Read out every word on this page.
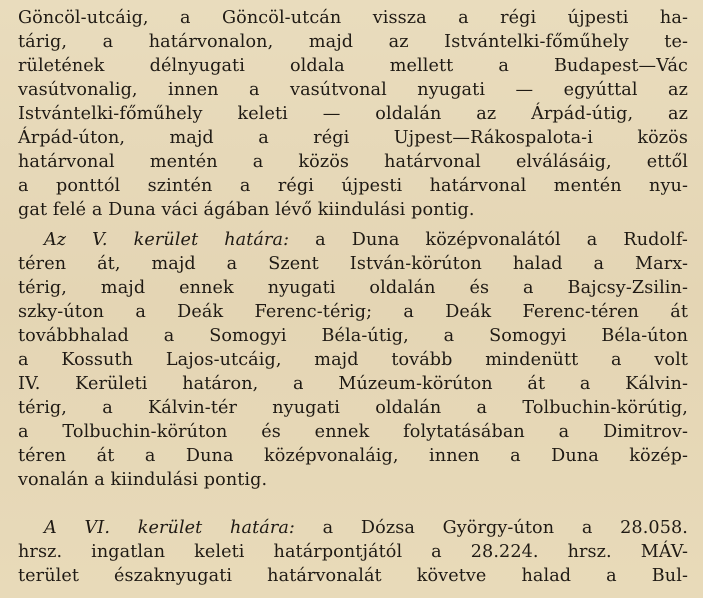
Göncöl-utcáig, a Göncöl-utcán vissza a régi újpesti ha-
tárig, a határvonalon, majd az Istvántelki-főműhely te-
rületének délnyugati oldala mellett a Budapest—Vác
vasútvonalig, innen a vasútvonal nyugati — egyúttal az
Istvántelki-főműhely keleti — oldalán az Árpád-útig, az
Árpád-úton, majd a régi Ujpest—Rákospalota-i közös
határvonal mentén a közös határvonal elválásáig, ettől
a ponttól szintén a régi újpesti határvonal mentén nyu-
gat felé a Duna váci ágában lévő kiindulási pontig.
Az V. kerület határa: a Duna középvonalától a Rudolf-
téren át, majd a Szent István-körúton halad a Marx-
térig, majd ennek nyugati oldalán és a Bajcsy-Zsilin-
szky-úton a Deák Ferenc-térig; a Deák Ferenc-téren át
továbbhalad a Somogyi Béla-útig, a Somogyi Béla-úton
a Kossuth Lajos-utcáig, majd tovább mindenütt a volt
IV. Kerületi határon, a Múzeum-körúton át a Kálvin-
térig, a Kálvin-tér nyugati oldalán a Tolbuchin-körútig,
a Tolbuchin-körúton és ennek folytatásában a Dimitrov-
téren át a Duna középvonaláig, innen a Duna közép-
vonalán a kiindulási pontig.
A VI. kerület határa: a Dózsa György-úton a 28.058.
hrsz. ingatlan keleti határpontjától a 28.224. hrsz. MÁV-
terület északnyugati határvonalát követve halad a Bul-
